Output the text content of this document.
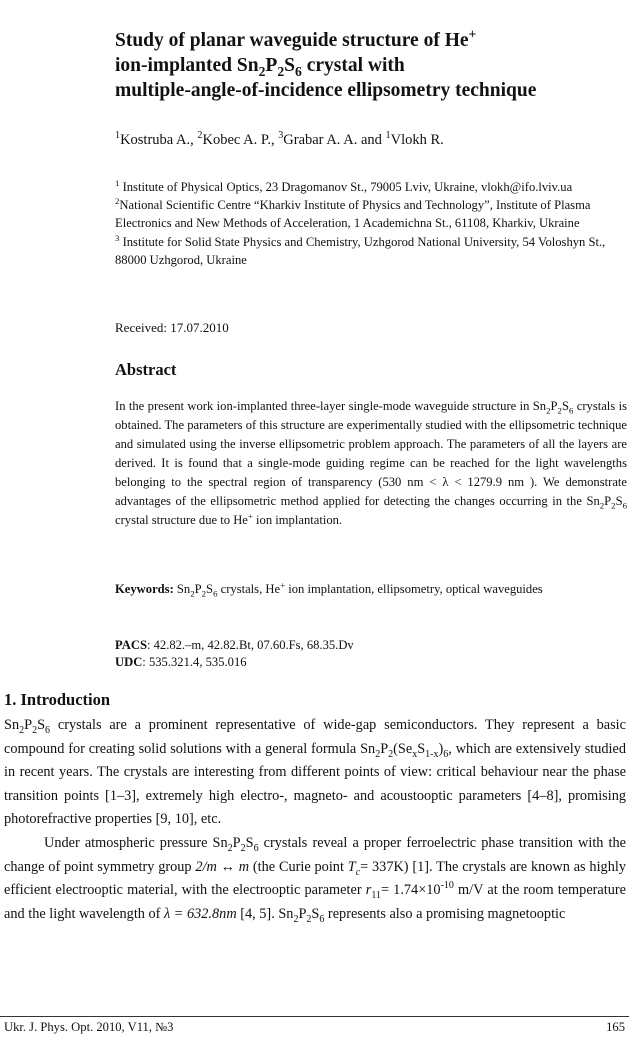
Study of planar waveguide structure of He+
ion-implanted $Sn_2P_2S_6$ crystal with
multiple-angle-of-incidence ellipsometry technique

$^1$Kostruba A., $^2$Kobec A. P., $^3$Grabar A. A. and $^1$Vlokh R.

$^1$ Institute of Physical Optics, 23 Dragomanov St., 79005 Lviv, Ukraine, vlokh@ifo.lviv.ua
$^2$National Scientific Centre “Kharkiv Institute of Physics and Technology”, Institute of Plasma Electronics and New Methods of Acceleration, 1 Academichna St., 61108, Kharkiv, Ukraine
$^3$ Institute for Solid State Physics and Chemistry, Uzhgorod National University, 54 Voloshyn St., 88000 Uzhgorod, Ukraine

Received: 17.07.2010

Abstract

In the present work ion-implanted three-layer single-mode waveguide structure in $Sn_2P_2S_6$ crystals is obtained. The parameters of this structure are experimentally studied with the ellipsometric technique and simulated using the inverse ellipsometric problem approach. The parameters of all the layers are derived. It is found that a single-mode guiding regime can be reached for the light wavelengths belonging to the spectral region of transparency (530 nm < λ < 1279.9 nm ). We demonstrate advantages of the ellipsometric method applied for detecting the changes occurring in the $Sn_2P_2S_6$ crystal structure due to He+ ion implantation.

Keywords: $Sn_2P_2S_6$ crystals, He+ ion implantation, ellipsometry, optical waveguides

PACS: 42.82.–m, 42.82.Bt, 07.60.Fs, 68.35.Dv
UDC: 535.321.4, 535.016

1. Introduction

$Sn_2P_2S_6$ crystals are a prominent representative of wide-gap semiconductors. They represent a basic compound for creating solid solutions with a general formula $Sn_2P_2(Se_xS_{1-x})_6$, which are extensively studied in recent years. The crystals are interesting from different points of view: critical behaviour near the phase transition points [1–3], extremely high electro-, magneto- and acoustooptic parameters [4–8], promising photorefractive properties [9, 10], etc.

Under atmospheric pressure $Sn_2P_2S_6$ crystals reveal a proper ferroelectric phase transition with the change of point symmetry group 2/m ↔ m (the Curie point $T_c= 337K$) [1]. The crystals are known as highly efficient electrooptic material, with the electrooptic parameter $r_{11}= 1.74\times 10^{-10}$ m/V at the room temperature and the light wavelength of λ = 632.8nm [4, 5]. $Sn_2P_2S_6$ represents also a promising magnetooptic

Ukr. J. Phys. Opt. 2010, V11, №3	165
